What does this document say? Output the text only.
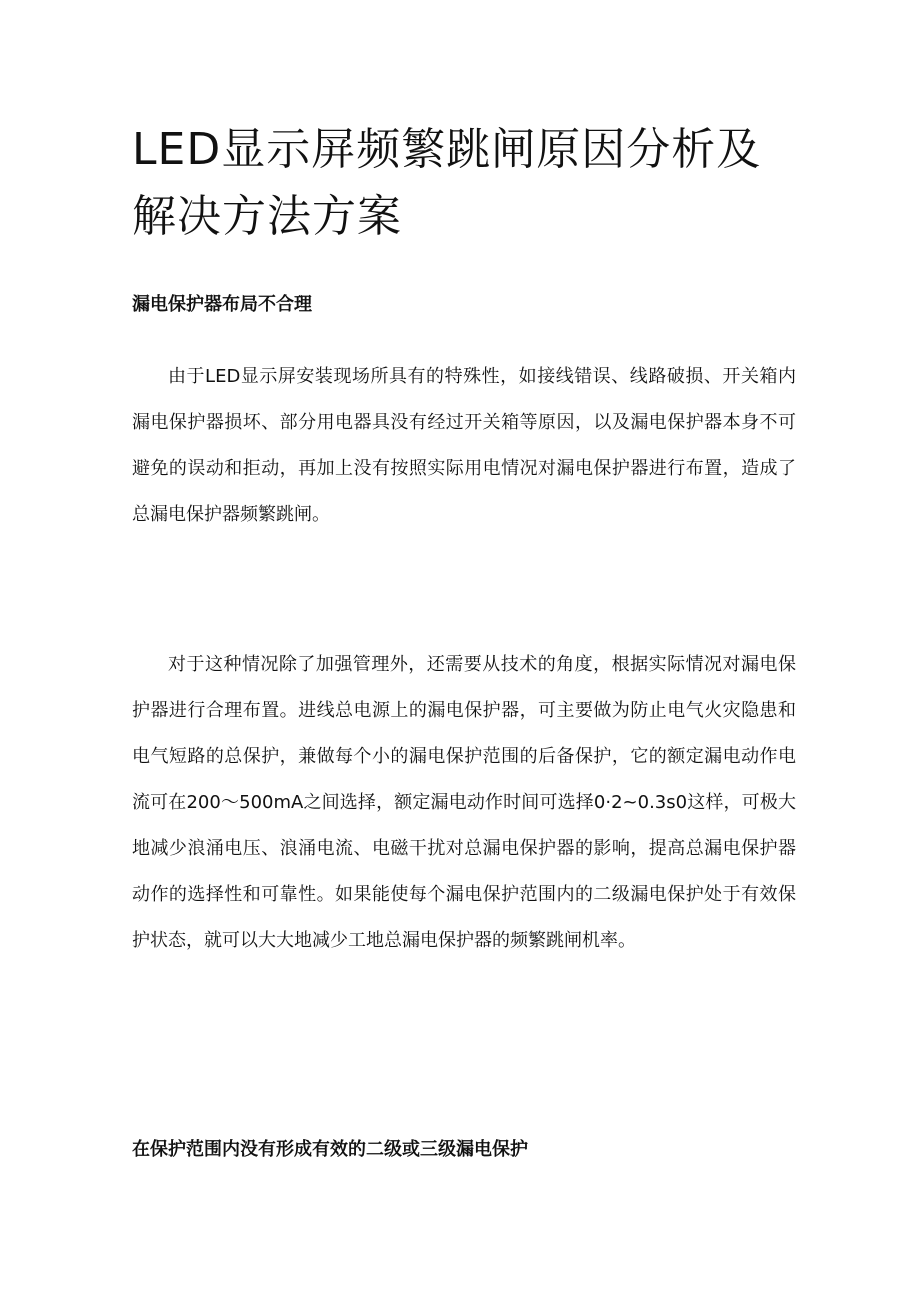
LED显示屏频繁跳闸原因分析及解决方法方案
漏电保护器布局不合理

由于LED显示屏安装现场所具有的特殊性，如接线错误、线路破损、开关箱内漏电保护器损坏、部分用电器具没有经过开关箱等原因，以及漏电保护器本身不可避免的误动和拒动，再加上没有按照实际用电情况对漏电保护器进行布置，造成了总漏电保护器频繁跳闸。

对于这种情况除了加强管理外，还需要从技术的角度，根据实际情况对漏电保护器进行合理布置。进线总电源上的漏电保护器，可主要做为防止电气火灾隐患和电气短路的总保护，兼做每个小的漏电保护范围的后备保护，它的额定漏电动作电流可在200～500mA之间选择，额定漏电动作时间可选择0·2~0.3s0这样，可极大地减少浪涌电压、浪涌电流、电磁干扰对总漏电保护器的影响，提高总漏电保护器动作的选择性和可靠性。如果能使每个漏电保护范围内的二级漏电保护处于有效保护状态，就可以大大地减少工地总漏电保护器的频繁跳闸机率。

在保护范围内没有形成有效的二级或三级漏电保护
